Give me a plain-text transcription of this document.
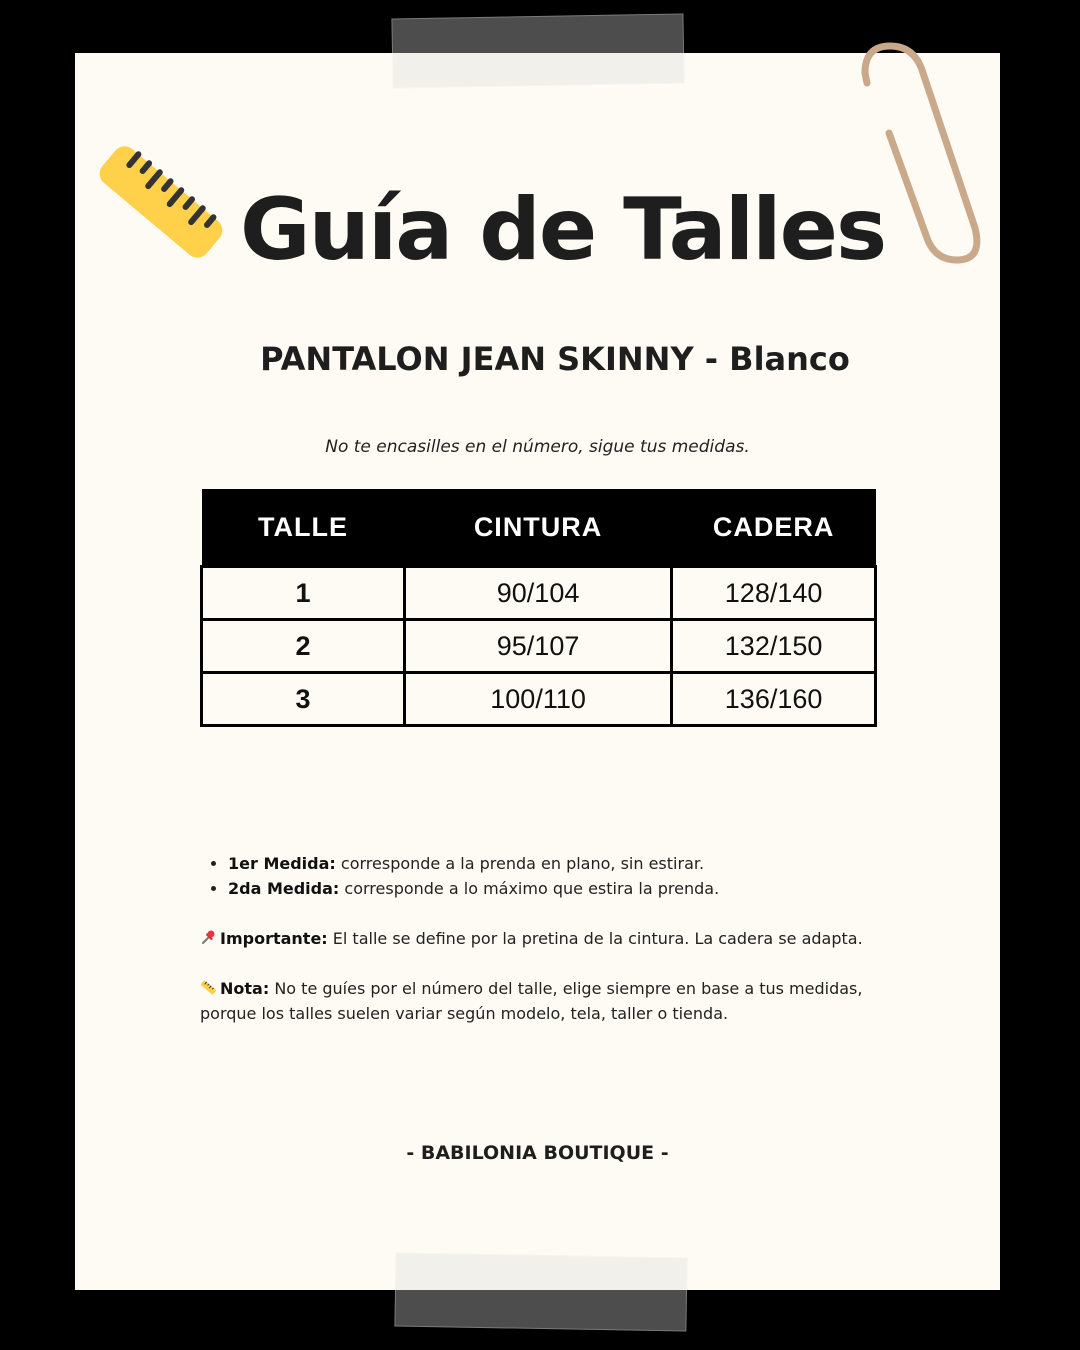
Guía de Talles
PANTALON JEAN SKINNY - Blanco
No te encasilles en el número, sigue tus medidas.
TALLE	CINTURA	CADERA
1	90/104	128/140
2	95/107	132/150
3	100/110	136/160
• 1er Medida: corresponde a la prenda en plano, sin estirar.
• 2da Medida: corresponde a lo máximo que estira la prenda.

Importante: El talle se define por la pretina de la cintura. La cadera se adapta.

Nota: No te guíes por el número del talle, elige siempre en base a tus medidas, porque los talles suelen variar según modelo, tela, taller o tienda.

- BABILONIA BOUTIQUE -
